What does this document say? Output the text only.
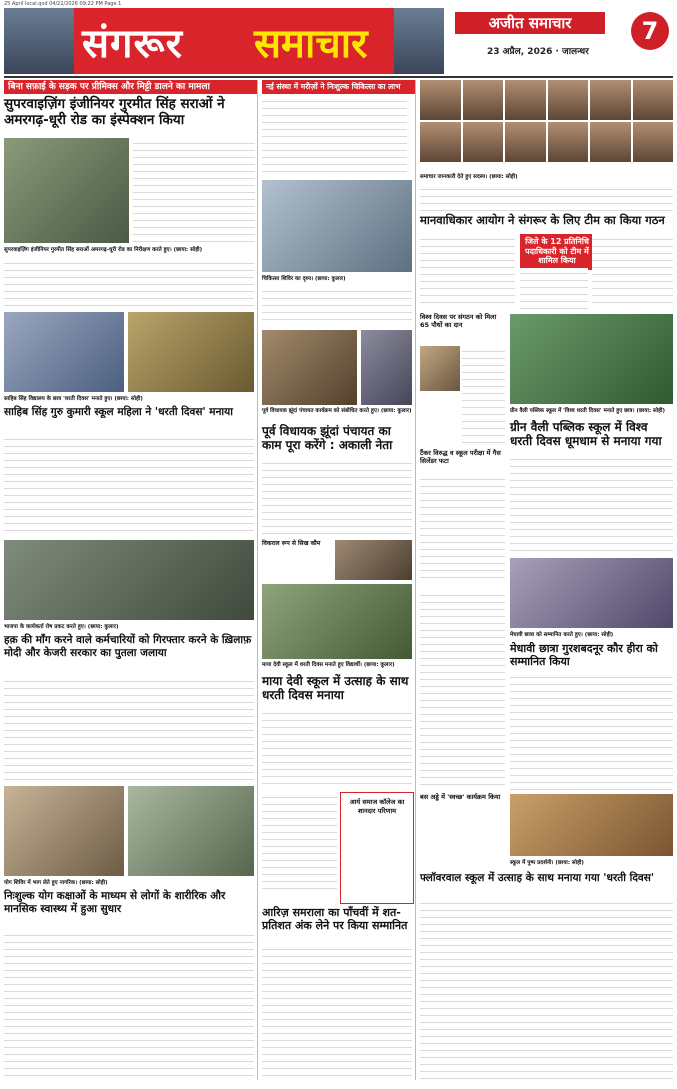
25 April local.qxd 04/22/2026 09:22 PM Page 1
संगरूर समाचार	अजीत समाचार	7
23 अप्रैल, 2026 · जालन्धर
बिना सफ़ाई के सड़क पर प्रीमिक्स और मिट्टी डालने का मामला
सुपरवाइज़िंग इंजीनियर गुरमीत सिंह सराओं ने अमरगढ़-धूरी रोड का इंस्पेक्शन किया
सुपरवाइज़िंग इंजीनियर गुरमीत सिंह सराओं अमरगढ़-धूरी रोड का निरीक्षण करते हुए। (छाया: सोही)
साहिब सिंह विद्यालय के छात्र 'धरती दिवस' मनाते हुए। (छाया: सोही)
साहिब सिंह गुरु कुमारी स्कूल महिला ने 'धरती दिवस' मनाया
भाजपा के कार्यकर्ता रोष प्रकट करते हुए। (छाया: कुलार)
हक़ की माँग करने वाले कर्मचारियों को गिरफ्तार करने के ख़िलाफ़ मोदी और केजरी सरकार का पुतला जलाया
योग शिविर में भाग लेते हुए नागरिक। (छाया: सोही)
निःशुल्क योग कक्षाओं के माध्यम से लोगों के शारीरिक और मानसिक स्वास्थ्य में हुआ सुधार
नई संस्था में मरीज़ों ने निःशुल्क चिकित्सा का लाभ
चिकित्सा शिविर का दृश्य। (छाया: कुलार)
पूर्व विधायक झूंदां पंचायत कार्यक्रम को संबोधित करते हुए। (छाया: कुलार)
पूर्व विधायक झूंदां पंचायत का काम पूरा करेंगे : अकाली नेता
विकराल रूप से सिख कौम
माया देवी स्कूल में धरती दिवस मनाते हुए विद्यार्थी। (छाया: कुलार)
माया देवी स्कूल में उत्साह के साथ धरती दिवस मनाया
आर्य समाज कॉलेज का शानदार परिणाम
आरिज़ समराला का पाँचवीं में शत-प्रतिशत अंक लेने पर किया सम्मानित
समाचार जानकारी देते हुए सदस्य। (छाया: सोही)
मानवाधिकार आयोग ने संगरूर के लिए टीम का किया गठन
जिले के 12 प्रतिनिधि पदाधिकारी को टीम में शामिल किया
विश्व दिवस पर संगठन को मिला 65 पौधों का दान
ग्रीन वैली पब्लिक स्कूल में 'विश्व धरती दिवस' मनाते हुए छात्र। (छाया: सोही)
ग्रीन वैली पब्लिक स्कूल में विश्व धरती दिवस धूमधाम से मनाया गया
टैंकर विरुद्ध व स्कूल परीक्षा में गैस सिलेंडर फटा
मेधावी छात्रा को सम्मानित करते हुए। (छाया: सोही)
मेधावी छात्रा गुरशबदनूर कौर हीरा को सम्मानित किया
बस अड्डे में 'स्वच्छ' कार्यक्रम किया
स्कूल में पुष्प प्रदर्शनी। (छाया: सोही)
फ्लॉवरवाल स्कूल में उत्साह के साथ मनाया गया 'धरती दिवस'
